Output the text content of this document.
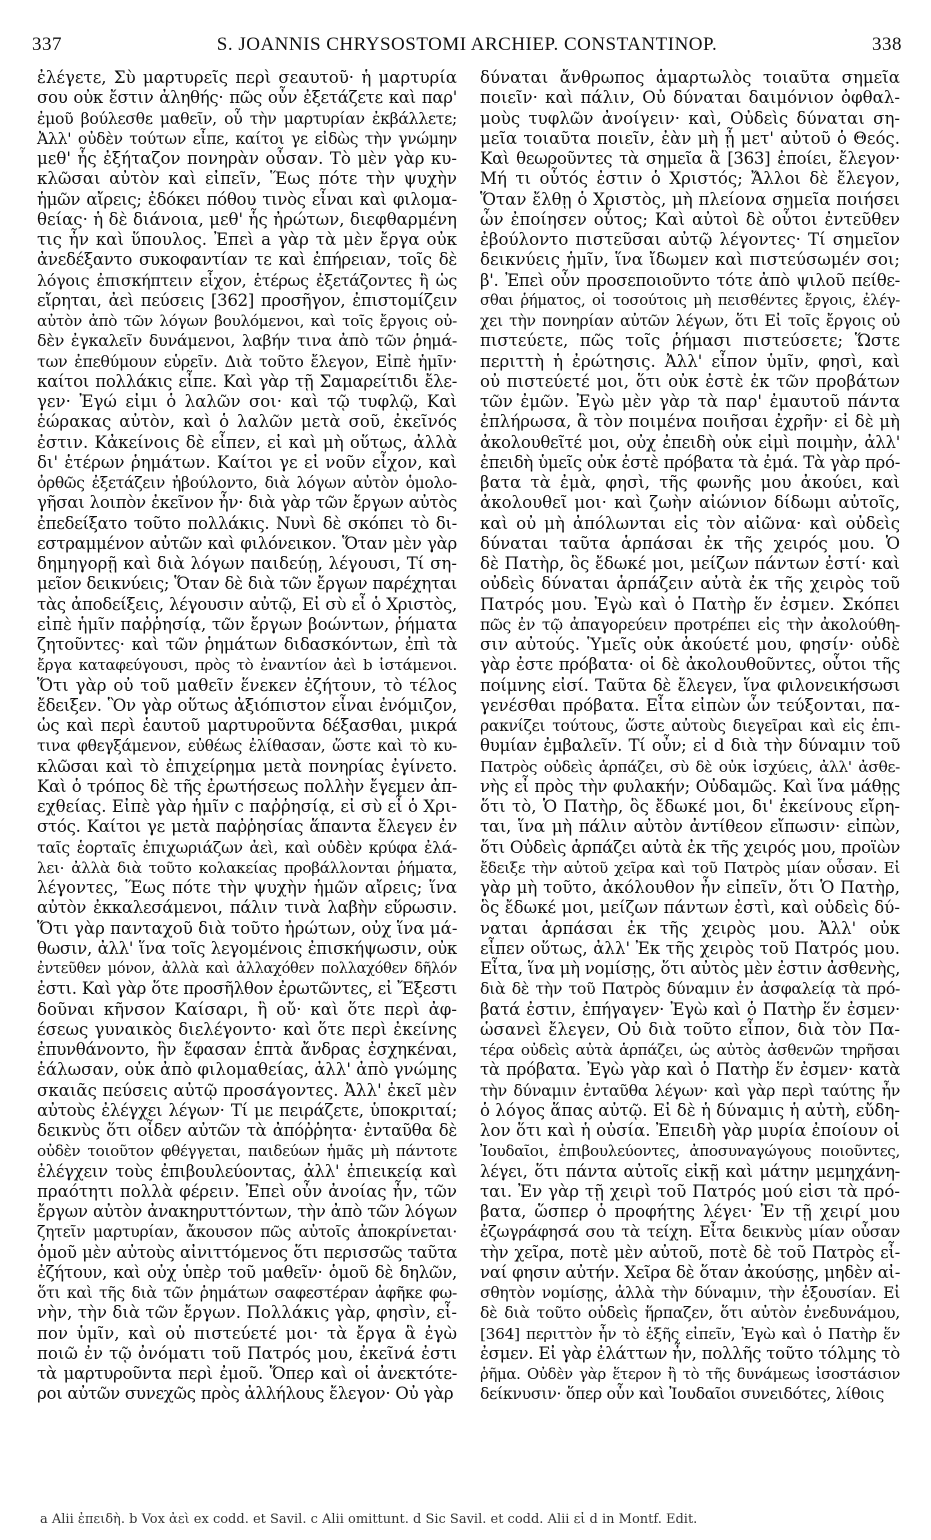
337	S. JOANNIS CHRYSOSTOMI ARCHIEP. CONSTANTINOP.	338
ἐλέγετε, Σὺ μαρτυρεῖς περὶ σεαυτοῦ· ἡ μαρτυρία
σου οὐκ ἔστιν ἀληθής· πῶς οὖν ἐξετάζετε καὶ παρ'
ἐμοῦ βούλεσθε μαθεῖν, οὗ τὴν μαρτυρίαν ἐκβάλλετε;
Ἀλλ' οὐδὲν τούτων εἶπε, καίτοι γε εἰδὼς τὴν γνώμην
μεθ' ἧς ἐξήταζον πονηρὰν οὖσαν. Τὸ μὲν γὰρ κυ-
κλῶσαι αὐτὸν καὶ εἰπεῖν, Ἕως πότε τὴν ψυχὴν
ἡμῶν αἴρεις; ἐδόκει πόθου τινὸς εἶναι καὶ φιλομα-
θείας· ἡ δὲ διάνοια, μεθ' ἧς ἠρώτων, διεφθαρμένη
τις ἦν καὶ ὕπουλος. Ἐπεὶ a γὰρ τὰ μὲν ἔργα οὐκ
ἀνεδέξαντο συκοφαντίαν τε καὶ ἐπήρειαν, τοῖς δὲ
λόγοις ἐπισκήπτειν εἶχον, ἑτέρως ἐξετάζοντες ἢ ὡς
εἴρηται, ἀεὶ πεύσεις [362] προσῆγον, ἐπιστομίζειν
αὐτὸν ἀπὸ τῶν λόγων βουλόμενοι, καὶ τοῖς ἔργοις οὐ-
δὲν ἐγκαλεῖν δυνάμενοι, λαβήν τινα ἀπὸ τῶν ῥημά-
των ἐπεθύμουν εὑρεῖν. Διὰ τοῦτο ἔλεγον, Εἰπὲ ἡμῖν·
καίτοι πολλάκις εἶπε. Καὶ γὰρ τῇ Σαμαρείτιδι ἔλε-
γεν· Ἐγώ εἰμι ὁ λαλῶν σοι· καὶ τῷ τυφλῷ, Καὶ
ἑώρακας αὐτὸν, καὶ ὁ λαλῶν μετὰ σοῦ, ἐκεῖνός
ἐστιν. Κἀκείνοις δὲ εἶπεν, εἰ καὶ μὴ οὕτως, ἀλλὰ
δι' ἑτέρων ῥημάτων. Καίτοι γε εἰ νοῦν εἶχον, καὶ
ὀρθῶς ἐξετάζειν ἠβούλοντο, διὰ λόγων αὐτὸν ὁμολο-
γῆσαι λοιπὸν ἐκεῖνον ἦν· διὰ γὰρ τῶν ἔργων αὐτὸς
ἐπεδείξατο τοῦτο πολλάκις. Νυνὶ δὲ σκόπει τὸ δι-
εστραμμένον αὐτῶν καὶ φιλόνεικον. Ὅταν μὲν γὰρ
δημηγορῇ καὶ διὰ λόγων παιδεύῃ, λέγουσι, Τί ση-
μεῖον δεικνύεις; Ὅταν δὲ διὰ τῶν ἔργων παρέχηται
τὰς ἀποδείξεις, λέγουσιν αὐτῷ, Εἰ σὺ εἶ ὁ Χριστὸς,
εἰπὲ ἡμῖν παῤῥησίᾳ, τῶν ἔργων βοώντων, ῥήματα
ζητοῦντες· καὶ τῶν ῥημάτων διδασκόντων, ἐπὶ τὰ
ἔργα καταφεύγουσι, πρὸς τὸ ἐναντίον ἀεὶ b ἱστάμενοι.
Ὅτι γὰρ οὐ τοῦ μαθεῖν ἕνεκεν ἐζήτουν, τὸ τέλος
ἔδειξεν. Ὃν γὰρ οὕτως ἀξιόπιστον εἶναι ἐνόμιζον,
ὡς καὶ περὶ ἑαυτοῦ μαρτυροῦντα δέξασθαι, μικρά
τινα φθεγξάμενον, εὐθέως ἐλίθασαν, ὥστε καὶ τὸ κυ-
κλῶσαι καὶ τὸ ἐπιχείρημα μετὰ πονηρίας ἐγίνετο.
Καὶ ὁ τρόπος δὲ τῆς ἐρωτήσεως πολλὴν ἔγεμεν ἀπ-
εχθείας. Εἰπὲ γὰρ ἡμῖν c παῤῥησίᾳ, εἰ σὺ εἶ ὁ Χρι-
στός. Καίτοι γε μετὰ παῤῥησίας ἅπαντα ἔλεγεν ἐν
ταῖς ἑορταῖς ἐπιχωριάζων ἀεὶ, καὶ οὐδὲν κρύφα ἐλά-
λει· ἀλλὰ διὰ τοῦτο κολακείας προβάλλονται ῥήματα,
λέγοντες, Ἕως πότε τὴν ψυχὴν ἡμῶν αἴρεις; ἵνα
αὐτὸν ἐκκαλεσάμενοι, πάλιν τινὰ λαβὴν εὕρωσιν.
Ὅτι γὰρ πανταχοῦ διὰ τοῦτο ἠρώτων, οὐχ ἵνα μά-
θωσιν, ἀλλ' ἵνα τοῖς λεγομένοις ἐπισκήψωσιν, οὐκ
ἐντεῦθεν μόνον, ἀλλὰ καὶ ἀλλαχόθεν πολλαχόθεν δῆλόν
ἐστι. Καὶ γὰρ ὅτε προσῆλθον ἐρωτῶντες, εἰ Ἔξεστι
δοῦναι κῆνσον Καίσαρι, ἢ οὔ· καὶ ὅτε περὶ ἀφ-
έσεως γυναικὸς διελέγοντο· καὶ ὅτε περὶ ἐκείνης
ἐπυνθάνοντο, ἣν ἔφασαν ἑπτὰ ἄνδρας ἐσχηκέναι,
ἑάλωσαν, οὐκ ἀπὸ φιλομαθείας, ἀλλ' ἀπὸ γνώμης
σκαιᾶς πεύσεις αὐτῷ προσάγοντες. Ἀλλ' ἐκεῖ μὲν
αὐτοὺς ἐλέγχει λέγων· Τί με πειράζετε, ὑποκριταί;
δεικνὺς ὅτι οἶδεν αὐτῶν τὰ ἀπόῤῥητα· ἐνταῦθα δὲ
οὐδὲν τοιοῦτον φθέγγεται, παιδεύων ἡμᾶς μὴ πάντοτε
ἐλέγχειν τοὺς ἐπιβουλεύοντας, ἀλλ' ἐπιεικείᾳ καὶ
πραότητι πολλὰ φέρειν. Ἐπεὶ οὖν ἀνοίας ἦν, τῶν
ἔργων αὐτὸν ἀνακηρυττόντων, τὴν ἀπὸ τῶν λόγων
ζητεῖν μαρτυρίαν, ἄκουσον πῶς αὐτοῖς ἀποκρίνεται·
ὁμοῦ μὲν αὐτοὺς αἰνιττόμενος ὅτι περισσῶς ταῦτα
ἐζήτουν, καὶ οὐχ ὑπὲρ τοῦ μαθεῖν· ὁμοῦ δὲ δηλῶν,
ὅτι καὶ τῆς διὰ τῶν ῥημάτων σαφεστέραν ἀφῆκε φω-
νὴν, τὴν διὰ τῶν ἔργων. Πολλάκις γὰρ, φησὶν, εἶ-
πον ὑμῖν, καὶ οὐ πιστεύετέ μοι· τὰ ἔργα ἃ ἐγὼ
ποιῶ ἐν τῷ ὀνόματι τοῦ Πατρός μου, ἐκεῖνά ἐστι
τὰ μαρτυροῦντα περὶ ἐμοῦ. Ὅπερ καὶ οἱ ἀνεκτότε-
ροι αὐτῶν συνεχῶς πρὸς ἀλλήλους ἔλεγον· Οὐ γὰρ
δύναται ἄνθρωπος ἁμαρτωλὸς τοιαῦτα σημεῖα
ποιεῖν· καὶ πάλιν, Οὐ δύναται δαιμόνιον ὀφθαλ-
μοὺς τυφλῶν ἀνοίγειν· καὶ, Οὐδεὶς δύναται ση-
μεῖα τοιαῦτα ποιεῖν, ἐὰν μὴ ᾖ μετ' αὐτοῦ ὁ Θεός.
Καὶ θεωροῦντες τὰ σημεῖα ἃ [363] ἐποίει, ἔλεγον·
Μή τι οὗτός ἐστιν ὁ Χριστός; Ἄλλοι δὲ ἔλεγον,
Ὅταν ἔλθῃ ὁ Χριστὸς, μὴ πλείονα σημεῖα ποιήσει
ὧν ἐποίησεν οὗτος; Καὶ αὐτοὶ δὲ οὗτοι ἐντεῦθεν
ἐβούλοντο πιστεῦσαι αὐτῷ λέγοντες· Τί σημεῖον
δεικνύεις ἡμῖν, ἵνα ἴδωμεν καὶ πιστεύσωμέν σοι;
β'. Ἐπεὶ οὖν προσεποιοῦντο τότε ἀπὸ ψιλοῦ πείθε-
σθαι ῥήματος, οἱ τοσούτοις μὴ πεισθέντες ἔργοις, ἐλέγ-
χει τὴν πονηρίαν αὐτῶν λέγων, ὅτι Εἰ τοῖς ἔργοις οὐ
πιστεύετε, πῶς τοῖς ῥήμασι πιστεύσετε; Ὥστε
περιττὴ ἡ ἐρώτησις. Ἀλλ' εἶπον ὑμῖν, φησὶ, καὶ
οὐ πιστεύετέ μοι, ὅτι οὐκ ἐστὲ ἐκ τῶν προβάτων
τῶν ἐμῶν. Ἐγὼ μὲν γὰρ τὰ παρ' ἐμαυτοῦ πάντα
ἐπλήρωσα, ἃ τὸν ποιμένα ποιῆσαι ἐχρῆν· εἰ δὲ μὴ
ἀκολουθεῖτέ μοι, οὐχ ἐπειδὴ οὐκ εἰμὶ ποιμὴν, ἀλλ'
ἐπειδὴ ὑμεῖς οὐκ ἐστὲ πρόβατα τὰ ἐμά. Τὰ γὰρ πρό-
βατα τὰ ἐμὰ, φησὶ, τῆς φωνῆς μου ἀκούει, καὶ
ἀκολουθεῖ μοι· καὶ ζωὴν αἰώνιον δίδωμι αὐτοῖς,
καὶ οὐ μὴ ἀπόλωνται εἰς τὸν αἰῶνα· καὶ οὐδεὶς
δύναται ταῦτα ἁρπάσαι ἐκ τῆς χειρός μου. Ὁ
δὲ Πατὴρ, ὃς ἔδωκέ μοι, μείζων πάντων ἐστί· καὶ
οὐδεὶς δύναται ἁρπάζειν αὐτὰ ἐκ τῆς χειρὸς τοῦ
Πατρός μου. Ἐγὼ καὶ ὁ Πατὴρ ἕν ἐσμεν. Σκόπει
πῶς ἐν τῷ ἀπαγορεύειν προτρέπει εἰς τὴν ἀκολούθη-
σιν αὐτούς. Ὑμεῖς οὐκ ἀκούετέ μου, φησίν· οὐδὲ
γὰρ ἐστε πρόβατα· οἱ δὲ ἀκολουθοῦντες, οὗτοι τῆς
ποίμνης εἰσί. Ταῦτα δὲ ἔλεγεν, ἵνα φιλονεικήσωσι
γενέσθαι πρόβατα. Εἶτα εἰπὼν ὧν τεύξονται, πα-
ρακνίζει τούτους, ὥστε αὐτοὺς διεγεῖραι καὶ εἰς ἐπι-
θυμίαν ἐμβαλεῖν. Τί οὖν; εἰ d διὰ τὴν δύναμιν τοῦ
Πατρὸς οὐδεὶς ἁρπάζει, σὺ δὲ οὐκ ἰσχύεις, ἀλλ' ἀσθε-
νὴς εἶ πρὸς τὴν φυλακήν; Οὐδαμῶς. Καὶ ἵνα μάθῃς
ὅτι τὸ, Ὁ Πατὴρ, ὃς ἔδωκέ μοι, δι' ἐκείνους εἴρη-
ται, ἵνα μὴ πάλιν αὐτὸν ἀντίθεον εἴπωσιν· εἰπὼν,
ὅτι Οὐδεὶς ἁρπάζει αὐτὰ ἐκ τῆς χειρός μου, προϊὼν
ἔδειξε τὴν αὐτοῦ χεῖρα καὶ τοῦ Πατρὸς μίαν οὖσαν. Εἰ
γὰρ μὴ τοῦτο, ἀκόλουθον ἦν εἰπεῖν, ὅτι Ὁ Πατὴρ,
ὃς ἔδωκέ μοι, μείζων πάντων ἐστὶ, καὶ οὐδεὶς δύ-
ναται ἁρπάσαι ἐκ τῆς χειρὸς μου. Ἀλλ' οὐκ
εἶπεν οὕτως, ἀλλ' Ἐκ τῆς χειρὸς τοῦ Πατρός μου.
Εἶτα, ἵνα μὴ νομίσῃς, ὅτι αὐτὸς μὲν ἐστιν ἀσθενὴς,
διὰ δὲ τὴν τοῦ Πατρὸς δύναμιν ἐν ἀσφαλείᾳ τὰ πρό-
βατά ἐστιν, ἐπήγαγεν· Ἐγὼ καὶ ὁ Πατὴρ ἕν ἐσμεν·
ὡσανεὶ ἔλεγεν, Οὐ διὰ τοῦτο εἶπον, διὰ τὸν Πα-
τέρα οὐδεὶς αὐτὰ ἁρπάζει, ὡς αὐτὸς ἀσθενῶν τηρῆσαι
τὰ πρόβατα. Ἐγὼ γὰρ καὶ ὁ Πατὴρ ἕν ἐσμεν· κατὰ
τὴν δύναμιν ἐνταῦθα λέγων· καὶ γὰρ περὶ ταύτης ἦν
ὁ λόγος ἅπας αὐτῷ. Εἰ δὲ ἡ δύναμις ἡ αὐτὴ, εὔδη-
λον ὅτι καὶ ἡ οὐσία. Ἐπειδὴ γὰρ μυρία ἐποίουν οἱ
Ἰουδαῖοι, ἐπιβουλεύοντες, ἀποσυναγώγους ποιοῦντες,
λέγει, ὅτι πάντα αὐτοῖς εἰκῇ καὶ μάτην μεμηχάνη-
ται. Ἐν γὰρ τῇ χειρὶ τοῦ Πατρός μού εἰσι τὰ πρό-
βατα, ὥσπερ ὁ προφήτης λέγει· Ἐν τῇ χειρί μου
ἐζωγράφησά σου τὰ τείχη. Εἶτα δεικνὺς μίαν οὖσαν
τὴν χεῖρα, ποτὲ μὲν αὐτοῦ, ποτὲ δὲ τοῦ Πατρὸς εἶ-
ναί φησιν αὐτήν. Χεῖρα δὲ ὅταν ἀκούσῃς, μηδὲν αἰ-
σθητὸν νομίσῃς, ἀλλὰ τὴν δύναμιν, τὴν ἐξουσίαν. Εἰ
δὲ διὰ τοῦτο οὐδεὶς ἥρπαζεν, ὅτι αὐτὸν ἐνεδυνάμου,
[364] περιττὸν ἦν τὸ ἑξῆς εἰπεῖν, Ἐγὼ καὶ ὁ Πατὴρ ἕν
ἐσμεν. Εἰ γὰρ ἐλάττων ἦν, πολλῆς τοῦτο τόλμης τὸ
ῥῆμα. Οὐδὲν γὰρ ἕτερον ἢ τὸ τῆς δυνάμεως ἰσοστάσιον
δείκνυσιν· ὅπερ οὖν καὶ Ἰουδαῖοι συνειδότες, λίθοις
a Alii ἐπειδὴ. b Vox ἀεὶ ex codd. et Savil. c Alii omittunt. d Sic Savil. et codd. Alii εἰ d in Montf. Edit.
